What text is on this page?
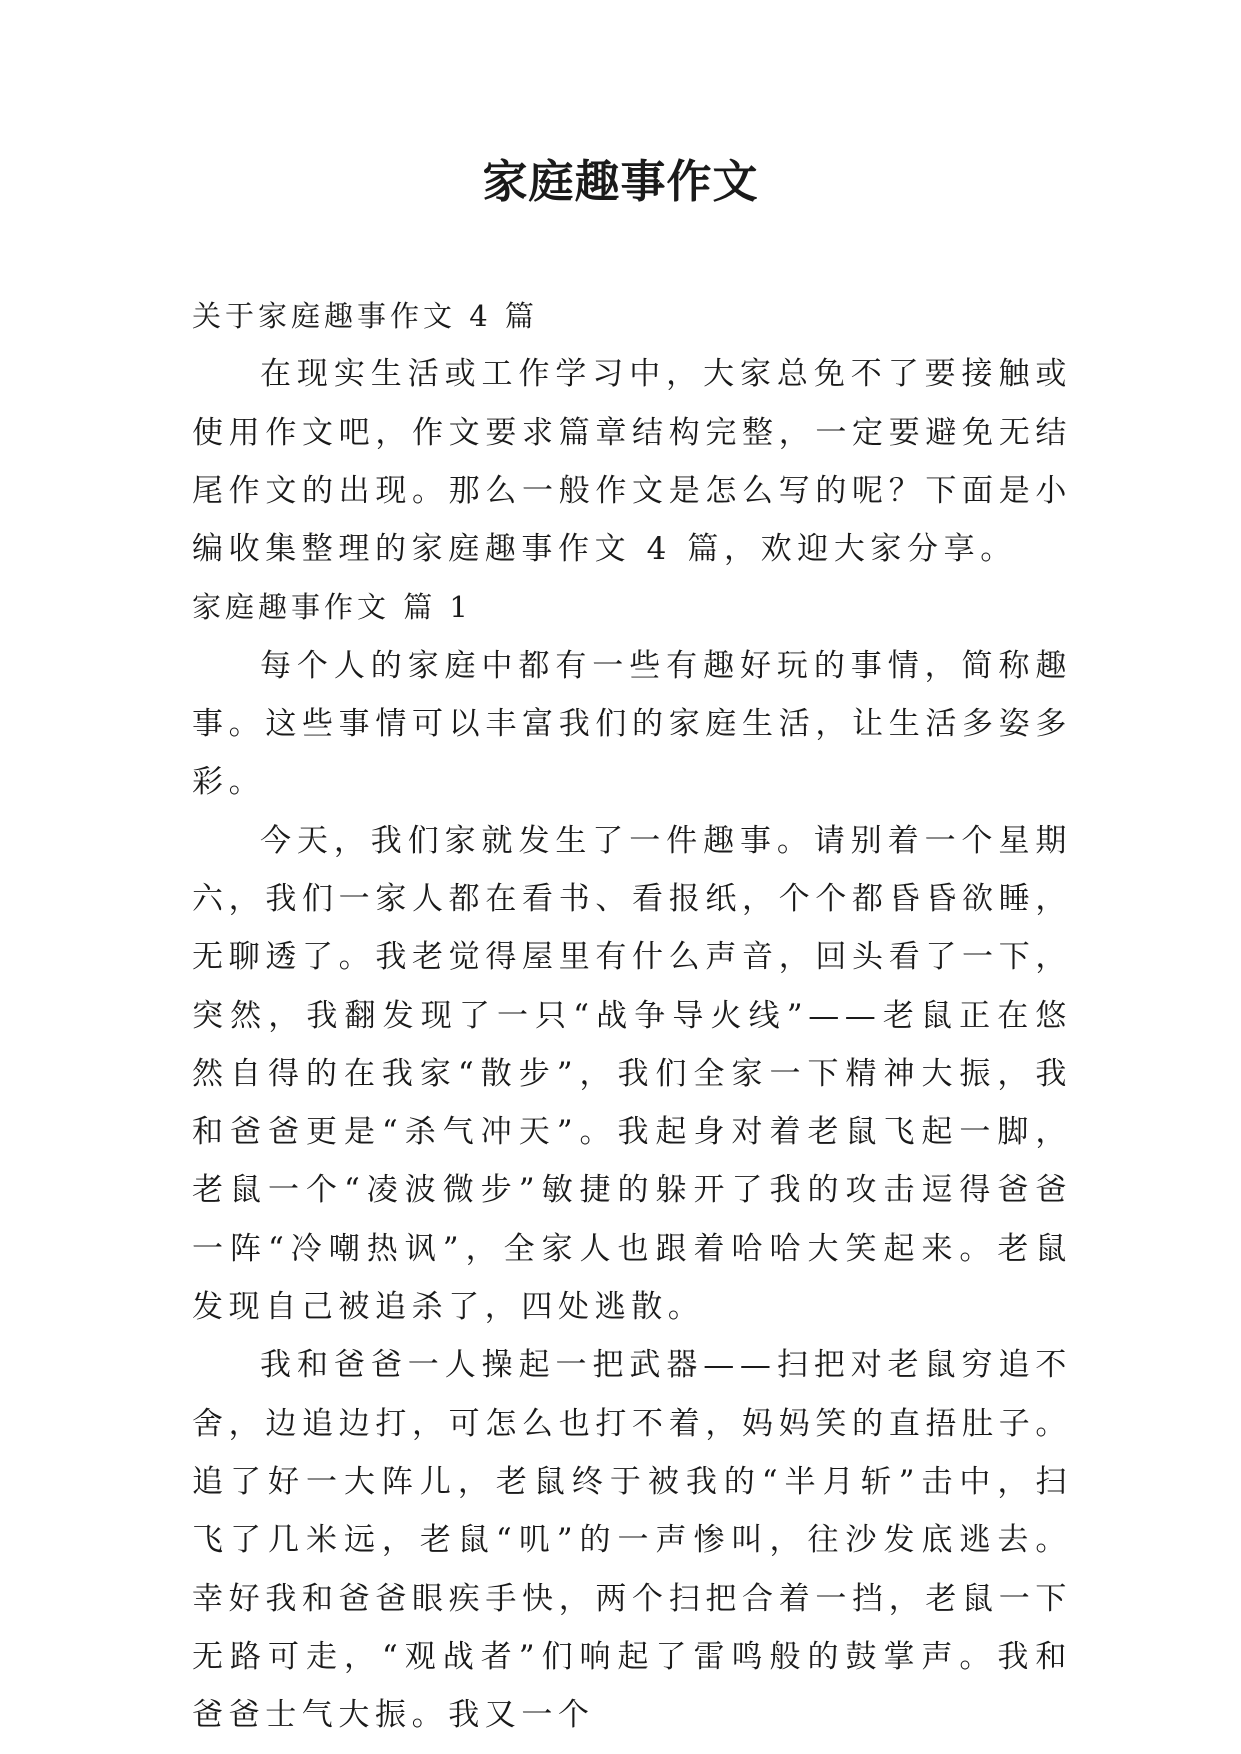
家庭趣事作文

关于家庭趣事作文 4 篇

在现实生活或工作学习中，大家总免不了要接触或使用作文吧，作文要求篇章结构完整，一定要避免无结尾作文的出现。那么一般作文是怎么写的呢？下面是小编收集整理的家庭趣事作文 4 篇，欢迎大家分享。

家庭趣事作文 篇 1

每个人的家庭中都有一些有趣好玩的事情，简称趣事。这些事情可以丰富我们的家庭生活，让生活多姿多彩。

今天，我们家就发生了一件趣事。请别着一个星期六，我们一家人都在看书、看报纸，个个都昏昏欲睡，无聊透了。我老觉得屋里有什么声音，回头看了一下，突然，我翻发现了一只“战争导火线”——老鼠正在悠然自得的在我家“散步”，我们全家一下精神大振，我和爸爸更是“杀气冲天”。我起身对着老鼠飞起一脚，老鼠一个“凌波微步”敏捷的躲开了我的攻击逗得爸爸一阵“冷嘲热讽”，全家人也跟着哈哈大笑起来。老鼠发现自己被追杀了，四处逃散。

我和爸爸一人操起一把武器——扫把对老鼠穷追不舍，边追边打，可怎么也打不着，妈妈笑的直捂肚子。追了好一大阵儿，老鼠终于被我的“半月斩”击中，扫飞了几米远，老鼠“叽”的一声惨叫，往沙发底逃去。幸好我和爸爸眼疾手快，两个扫把合着一挡，老鼠一下无路可走，“观战者”们响起了雷鸣般的鼓掌声。我和爸爸士气大振。我又一个
